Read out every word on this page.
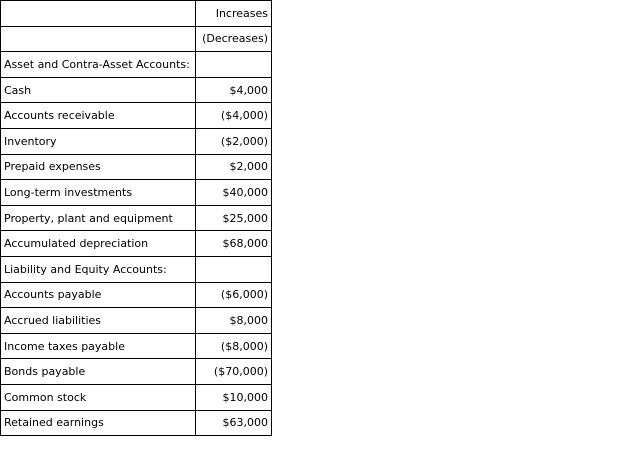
	Increases
	(Decreases)
Asset and Contra-Asset Accounts:	
Cash	$4,000
Accounts receivable	($4,000)
Inventory	($2,000)
Prepaid expenses	$2,000
Long-term investments	$40,000
Property, plant and equipment	$25,000
Accumulated depreciation	$68,000
Liability and Equity Accounts:	
Accounts payable	($6,000)
Accrued liabilities	$8,000
Income taxes payable	($8,000)
Bonds payable	($70,000)
Common stock	$10,000
Retained earnings	$63,000
